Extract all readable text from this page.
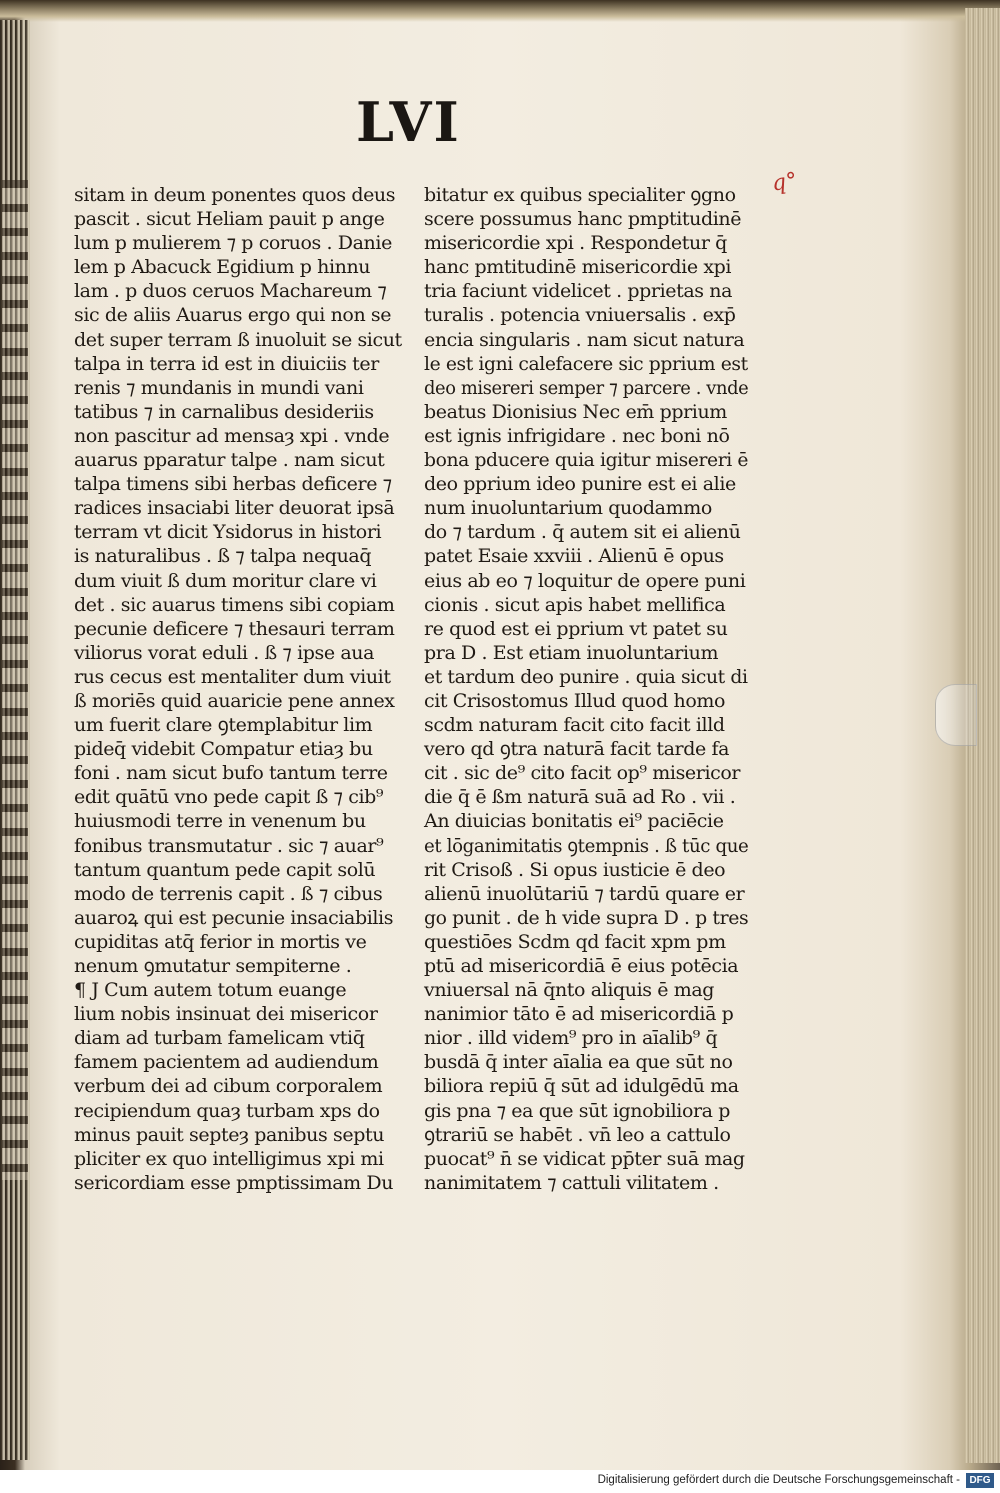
LVI
q°
sitam in deum ponentes quos deus
pascit . sicut Heliam pauit p ange
lum p mulierem ⁊ p coruos . Danie
lem p Abacuck Egidium p hinnu
lam . p duos ceruos Machareum ⁊
sic de aliis Auarus ergo qui non se
det super terram ß inuoluit se sicut
talpa in terra id est in diuiciis ter
renis ⁊ mundanis in mundi vani
tatibus ⁊ in carnalibus desideriis
non pascitur ad mensaȝ xpi . vnde
auarus pparatur talpe . nam sicut
talpa timens sibi herbas deficere ⁊
radices insaciabi liter deuorat ipsā
terram vt dicit Ysidorus in histori
is naturalibus . ß ⁊ talpa nequaq̄
dum viuit ß dum moritur clare vi
det . sic auarus timens sibi copiam
pecunie deficere ⁊ thesauri terram
viliorus vorat eduli . ß ⁊ ipse aua
rus cecus est mentaliter dum viuit
ß moriēs quid auaricie pene annex
um fuerit clare ꝯtemplabitur lim
pideq̄ videbit Compatur etiaȝ bu
foni . nam sicut bufo tantum terre
edit quātū vno pede capit ß ⁊ cib⁹
huiusmodi terre in venenum bu
fonibus transmutatur . sic ⁊ auar⁹
tantum quantum pede capit solū
modo de terrenis capit . ß ⁊ cibus
auaroꝝ qui est pecunie insaciabilis
cupiditas atq̄ ferior in mortis ve
nenum ꝯmutatur sempiterne .
¶ J Cum autem totum euange
lium nobis insinuat dei misericor
diam ad turbam famelicam vtiq̄
famem pacientem ad audiendum
verbum dei ad cibum corporalem
recipiendum quaȝ turbam xps do
minus pauit septeȝ panibus septu
pliciter ex quo intelligimus xpi mi
sericordiam esse pmptissimam Du
bitatur ex quibus specialiter ꝯgno
scere possumus hanc pmptitudinē
misericordie xpi . Respondetur q̄
hanc pmtitudinē misericordie xpi
tria faciunt videlicet . pprietas na
turalis . potencia vniuersalis . exp̄
encia singularis . nam sicut natura
le est igni calefacere sic pprium est
deo misereri semper ⁊ parcere . vnde
beatus Dionisius Nec em̄ pprium
est ignis infrigidare . nec boni nō
bona pducere quia igitur misereri ē
deo pprium ideo punire est ei alie
num inuoluntarium quodammo
do ⁊ tardum . q̄ autem sit ei alienū
patet Esaie xxviii . Alienū ē opus
eius ab eo ⁊ loquitur de opere puni
cionis . sicut apis habet mellifica
re quod est ei pprium vt patet su
pra D . Est etiam inuoluntarium
et tardum deo punire . quia sicut di
cit Crisostomus Illud quod homo
scdm naturam facit cito facit illd
vero qd ꝯtra naturā facit tarde fa
cit . sic de⁹ cito facit op⁹ misericor
die q̄ ē ßm naturā suā ad Ro . vii .
An diuicias bonitatis ei⁹ paciēcie
et lōganimitatis ꝯtempnis . ß tūc que
rit Crisoß . Si opus iusticie ē deo
alienū inuolūtariū ⁊ tardū quare er
go punit . de h vide supra D . p tres
questiōes Scdm qd facit xpm pm
ptū ad misericordiā ē eius potēcia
vniuersal nā q̄nto aliquis ē mag
nanimior tāto ē ad misericordiā p
nior . illd videm⁹ pro in aīalib⁹ q̄
busdā q̄ inter aīalia ea que sūt no
biliora repiū q̄ sūt ad idulgēdū ma
gis pna ⁊ ea que sūt ignobiliora p
ꝯtrariū se habēt . vn̄ leo a cattulo
puocat⁹ n̄ se vidicat pp̄ter suā mag
nanimitatem ⁊ cattuli vilitatem .
Digitalisierung gefördert durch die Deutsche Forschungsgemeinschaft - DFG
